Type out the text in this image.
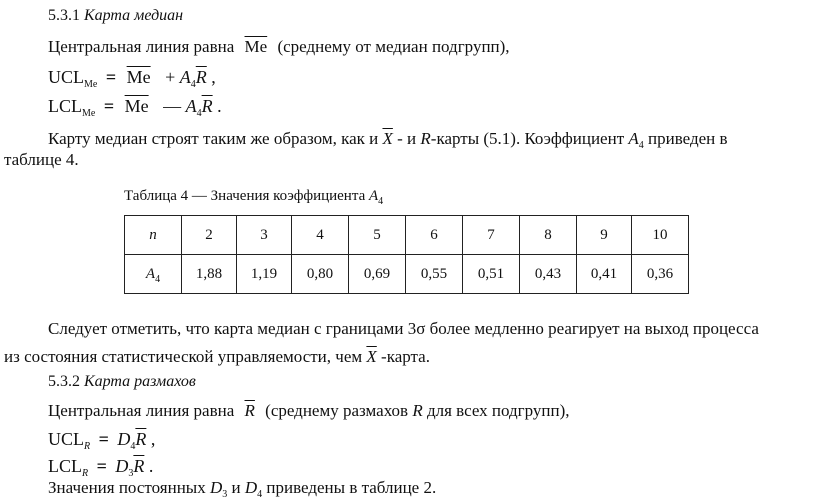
5.3.1 Карта медиан
Центральная линия равна $\overline{Me}$ (среднему от медиан подгрупп),
$UCL_{Me} = \overline{Me} + A_4\overline{R}$ ,
$LCL_{Me} = \overline{Me}$ — $A_4\overline{R}$ .
Карту медиан строят таким же образом, как и $\overline{X}$ - и R-карты (5.1). Коэффициент $A_4$ приведен в
таблице 4.
Таблица 4 — Значения коэффициента $A_4$
n	2	3	4	5	6	7	8	9	10
$A_4$	1,88	1,19	0,80	0,69	0,55	0,51	0,43	0,41	0,36
Следует отметить, что карта медиан с границами 3σ более медленно реагирует на выход процесса
из состояния статистической управляемости, чем $\overline{X}$ -карта.
5.3.2 Карта размахов
Центральная линия равна $\overline{R}$ (среднему размахов R для всех подгрупп),
$UCL_R = D_4\overline{R}$ ,
$LCL_R = D_3\overline{R}$ .
Значения постоянных $D_3$ и $D_4$ приведены в таблице 2.
